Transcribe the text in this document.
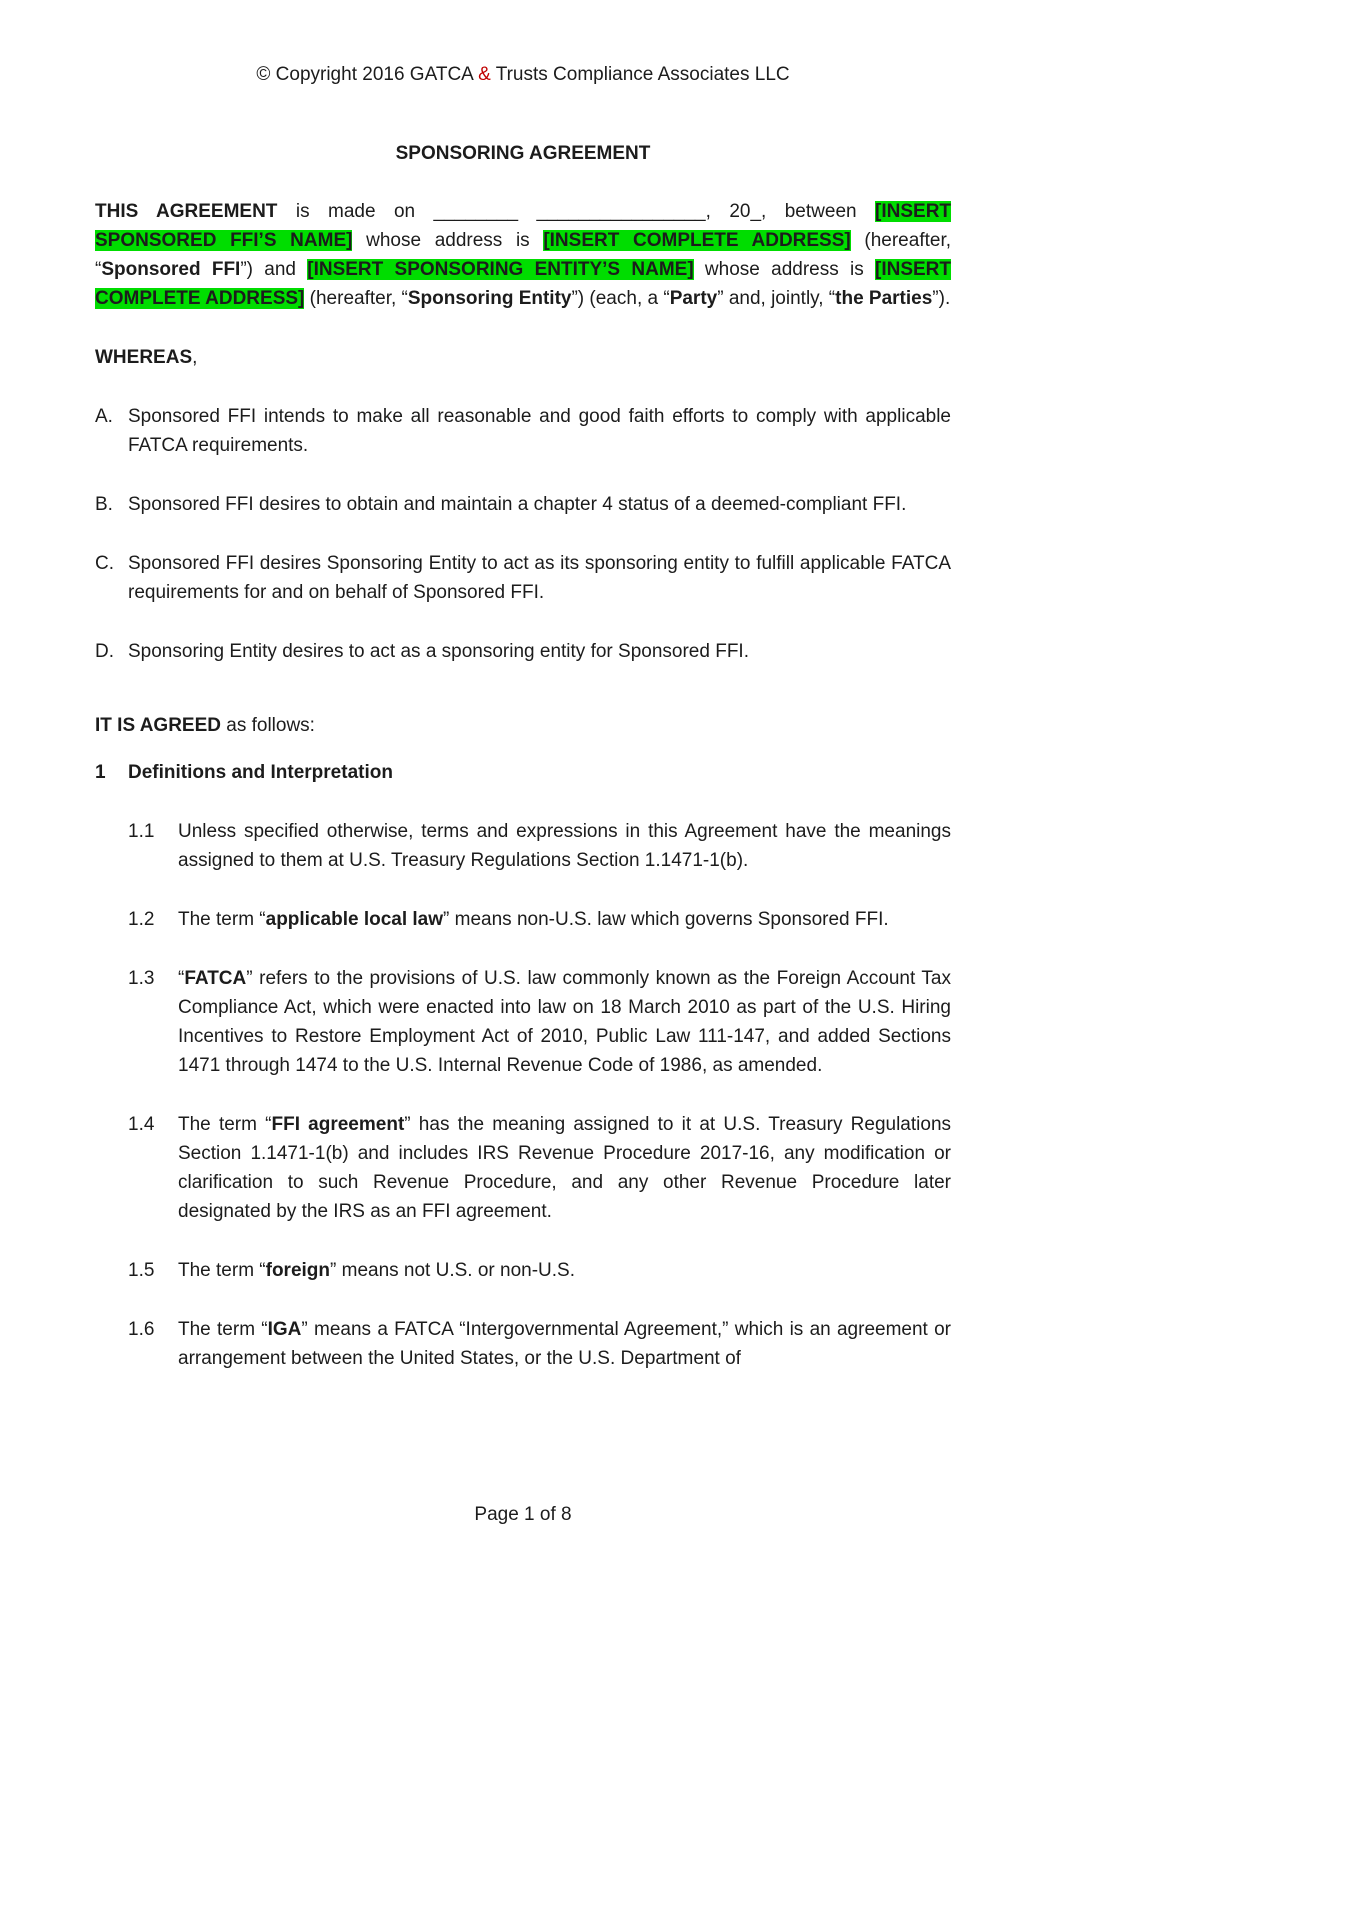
© Copyright 2016 GATCA & Trusts Compliance Associates LLC
SPONSORING AGREEMENT

THIS AGREEMENT is made on ________ ________________, 20_, between [INSERT SPONSORED FFI’S NAME] whose address is [INSERT COMPLETE ADDRESS] (hereafter, “Sponsored FFI”) and [INSERT SPONSORING ENTITY’S NAME] whose address is [INSERT COMPLETE ADDRESS] (hereafter, “Sponsoring Entity”) (each, a “Party” and, jointly, “the Parties”).

WHEREAS,

A. Sponsored FFI intends to make all reasonable and good faith efforts to comply with applicable FATCA requirements.
B. Sponsored FFI desires to obtain and maintain a chapter 4 status of a deemed-compliant FFI.
C. Sponsored FFI desires Sponsoring Entity to act as its sponsoring entity to fulfill applicable FATCA requirements for and on behalf of Sponsored FFI.
D. Sponsoring Entity desires to act as a sponsoring entity for Sponsored FFI.

IT IS AGREED as follows:

1	Definitions and Interpretation
1.1	Unless specified otherwise, terms and expressions in this Agreement have the meanings assigned to them at U.S. Treasury Regulations Section 1.1471-1(b).
1.2	The term “applicable local law” means non-U.S. law which governs Sponsored FFI.
1.3	“FATCA” refers to the provisions of U.S. law commonly known as the Foreign Account Tax Compliance Act, which were enacted into law on 18 March 2010 as part of the U.S. Hiring Incentives to Restore Employment Act of 2010, Public Law 111-147, and added Sections 1471 through 1474 to the U.S. Internal Revenue Code of 1986, as amended.
1.4	The term “FFI agreement” has the meaning assigned to it at U.S. Treasury Regulations Section 1.1471-1(b) and includes IRS Revenue Procedure 2017-16, any modification or clarification to such Revenue Procedure, and any other Revenue Procedure later designated by the IRS as an FFI agreement.
1.5	The term “foreign” means not U.S. or non-U.S.
1.6	The term “IGA” means a FATCA “Intergovernmental Agreement,” which is an agreement or arrangement between the United States, or the U.S. Department of
Page 1 of 8
